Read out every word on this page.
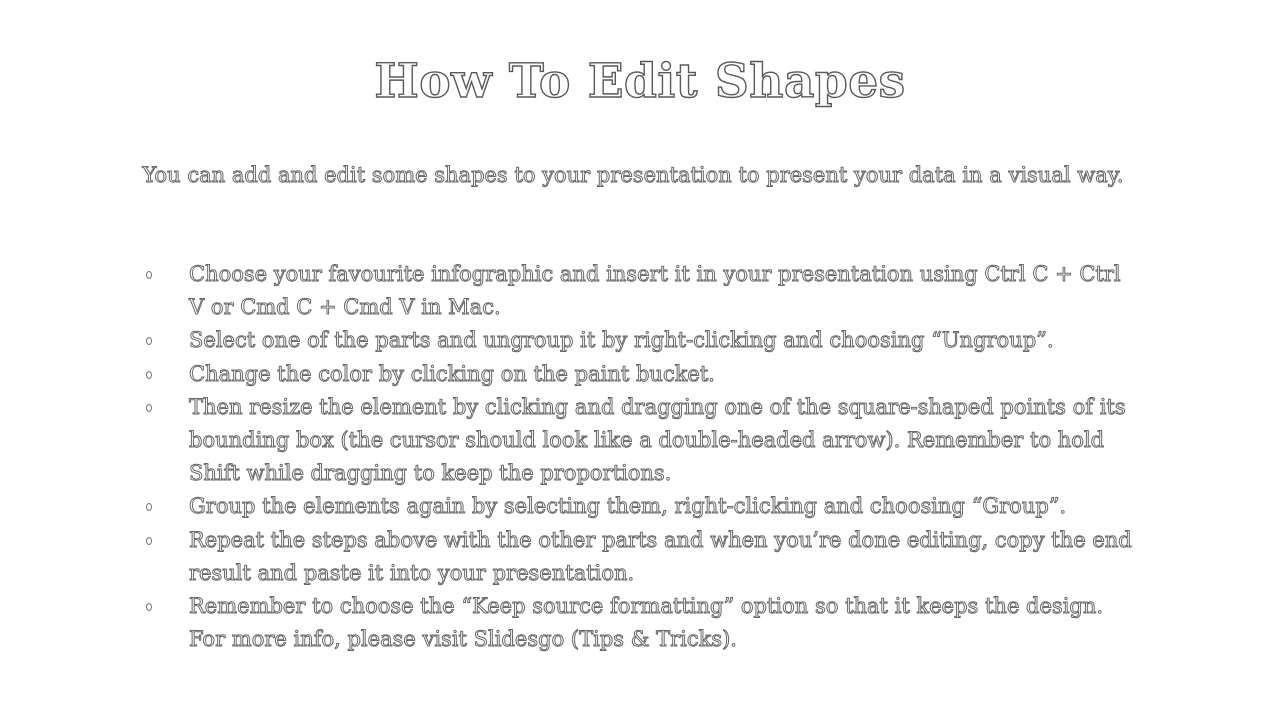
How To Edit Shapes

You can add and edit some shapes to your presentation to present your data in a visual way.

Choose your favourite infographic and insert it in your presentation using Ctrl C + Ctrl V or Cmd C + Cmd V in Mac.
Select one of the parts and ungroup it by right-clicking and choosing “Ungroup”.
Change the color by clicking on the paint bucket.
Then resize the element by clicking and dragging one of the square-shaped points of its bounding box (the cursor should look like a double-headed arrow). Remember to hold Shift while dragging to keep the proportions.
Group the elements again by selecting them, right-clicking and choosing “Group”.
Repeat the steps above with the other parts and when you’re done editing, copy the end result and paste it into your presentation.
Remember to choose the “Keep source formatting” option so that it keeps the design. For more info, please visit Slidesgo (Tips & Tricks).
